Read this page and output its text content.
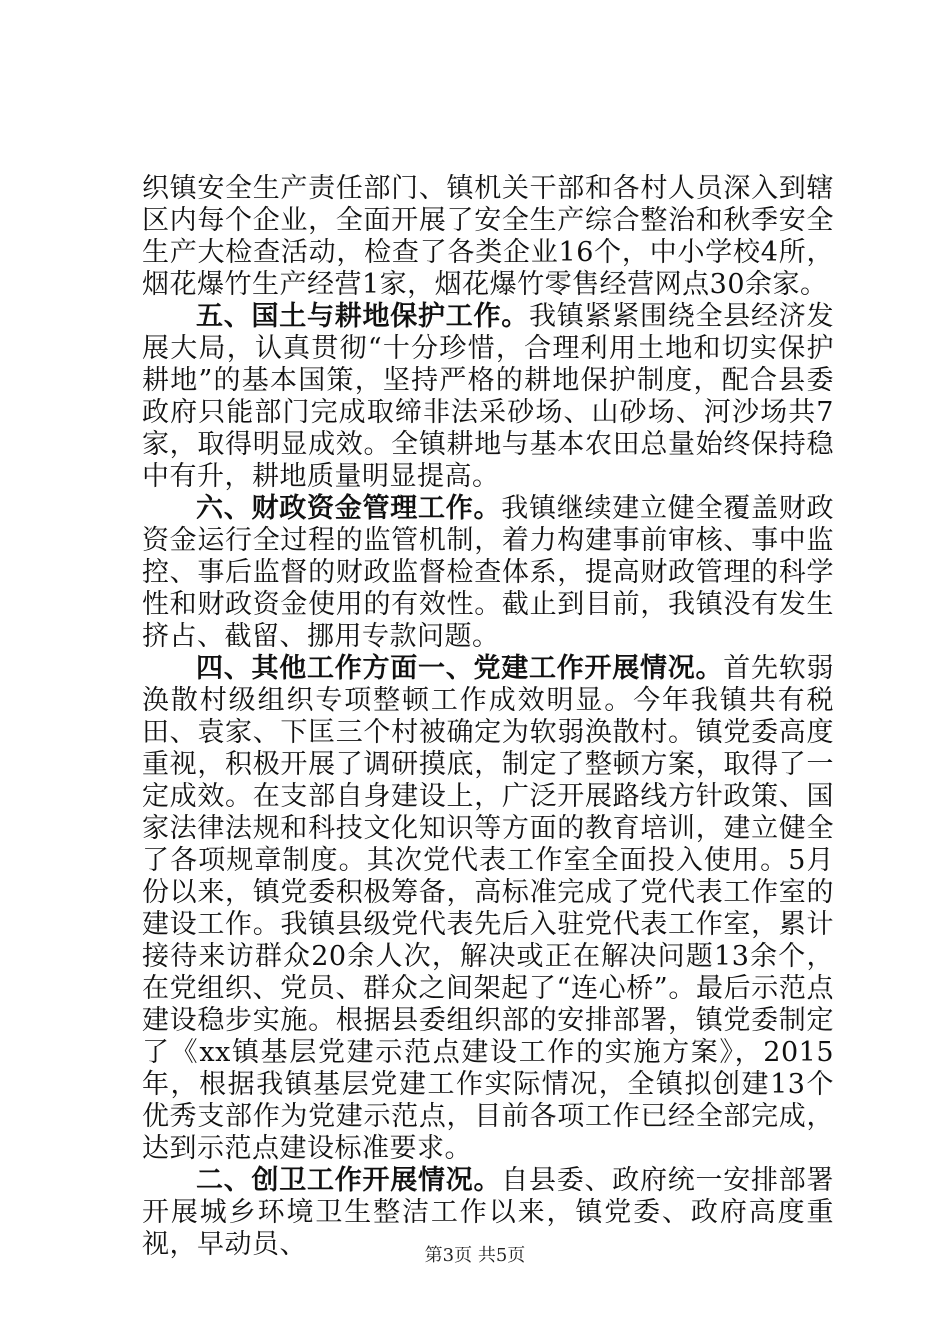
织镇安全生产责任部门、镇机关干部和各村人员深入到辖区内每个企业，全面开展了安全生产综合整治和秋季安全生产大检查活动，检查了各类企业16个，中小学校4所，烟花爆竹生产经营1家，烟花爆竹零售经营网点30余家。

五、国土与耕地保护工作。我镇紧紧围绕全县经济发展大局，认真贯彻“十分珍惜，合理利用土地和切实保护耕地”的基本国策，坚持严格的耕地保护制度，配合县委政府只能部门完成取缔非法采砂场、山砂场、河沙场共7家，取得明显成效。全镇耕地与基本农田总量始终保持稳中有升，耕地质量明显提高。

六、财政资金管理工作。我镇继续建立健全覆盖财政资金运行全过程的监管机制，着力构建事前审核、事中监控、事后监督的财政监督检查体系，提高财政管理的科学性和财政资金使用的有效性。截止到目前，我镇没有发生挤占、截留、挪用专款问题。

四、其他工作方面一、党建工作开展情况。首先软弱涣散村级组织专项整顿工作成效明显。今年我镇共有税田、袁家、下匡三个村被确定为软弱涣散村。镇党委高度重视，积极开展了调研摸底，制定了整顿方案，取得了一定成效。在支部自身建设上，广泛开展路线方针政策、国家法律法规和科技文化知识等方面的教育培训，建立健全了各项规章制度。其次党代表工作室全面投入使用。5月份以来，镇党委积极筹备，高标准完成了党代表工作室的建设工作。我镇县级党代表先后入驻党代表工作室，累计接待来访群众20余人次，解决或正在解决问题13余个，在党组织、党员、群众之间架起了“连心桥”。最后示范点建设稳步实施。根据县委组织部的安排部署，镇党委制定了《xx镇基层党建示范点建设工作的实施方案》，2015年，根据我镇基层党建工作实际情况，全镇拟创建13个优秀支部作为党建示范点，目前各项工作已经全部完成，达到示范点建设标准要求。

二、创卫工作开展情况。自县委、政府统一安排部署开展城乡环境卫生整洁工作以来，镇党委、政府高度重视，早动员、	第3页 共5页
